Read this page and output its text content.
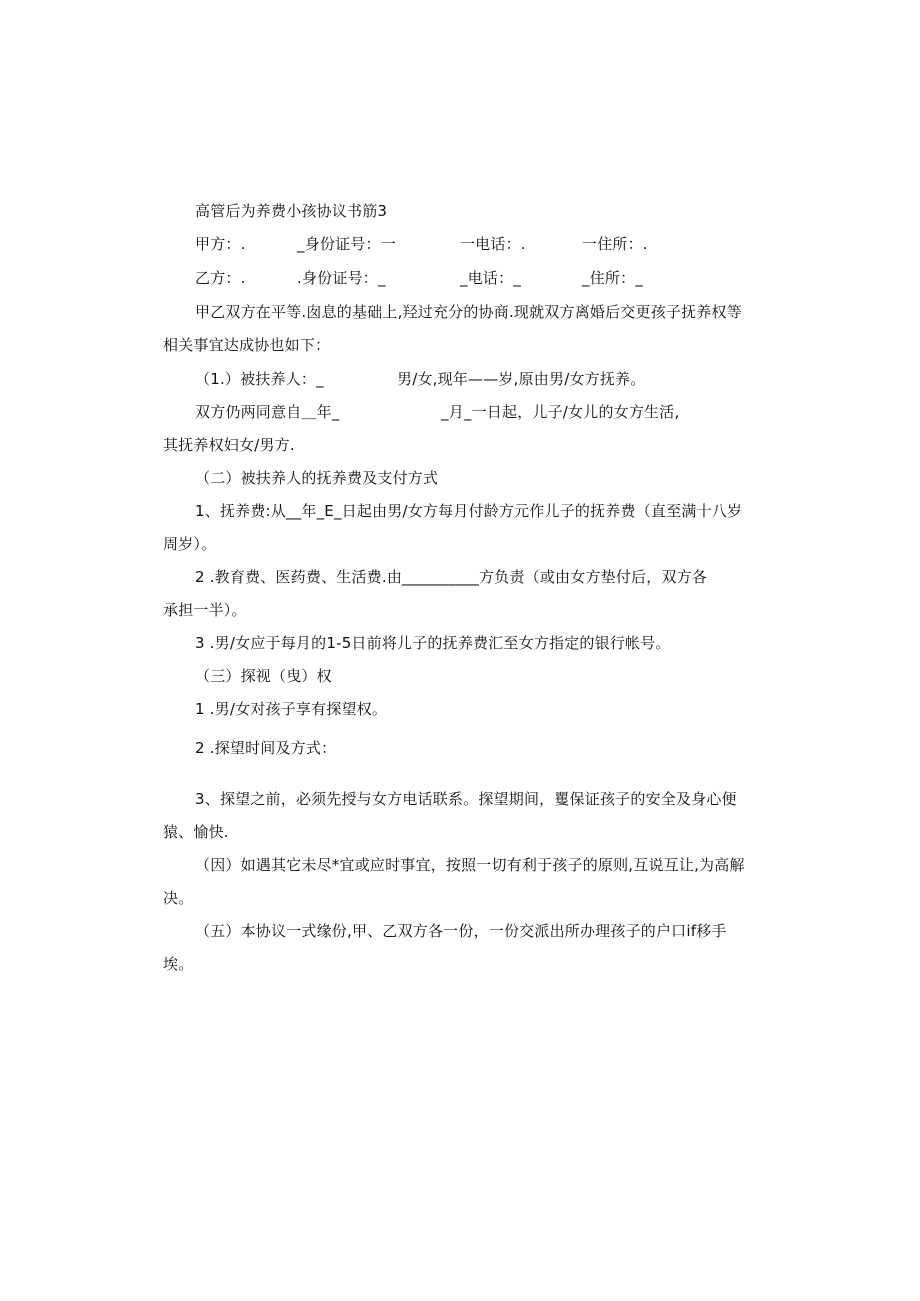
高管后为养费小孩协议书筋3
甲方：.	_身份证号：一	一电话：.	一住所：.
乙方：.	.身份证号：_	_电话：_	_住所：_
甲乙双方在平等.囱息的基础上,羟过充分的协商.现就双方离婚后交更孩子抚养权等
相关事宜达成协也如下：
（1.）被扶养人：_	男/女,现年——岁,原由男/女方抚养。
双方仍两同意自＿年_	_月_一日起，儿子/女儿的女方生活,
其抚养权妇女/男方.
（二）被扶养人的抚养费及支付方式
1、抚养费:从__年_E_日起由男/女方每月付龄方元作儿子的抚养费（直至满十八岁
周岁）。
2 .教育费、医药费、生活费.由__________方负责（或由女方垫付后，双方各
承担一半）。
3 .男/女应于每月的1-5日前将儿子的抚养费汇至女方指定的银行帐号。
（三）探视（曳）权
1 .男/女对孩子享有探望权。
2 .探望时间及方式：
3、探望之前，必须先授与女方电话联系。探望期间，矍保证孩子的安全及身心便
猿、愉快.
（因）如遇其它未尽*宜或应时事宜，按照一切有利于孩子的原则,互说互让,为高解
决。
（五）本协议一式缘份,甲、乙双方各一份，一份交派出所办理孩子的户口if移手
埃。
